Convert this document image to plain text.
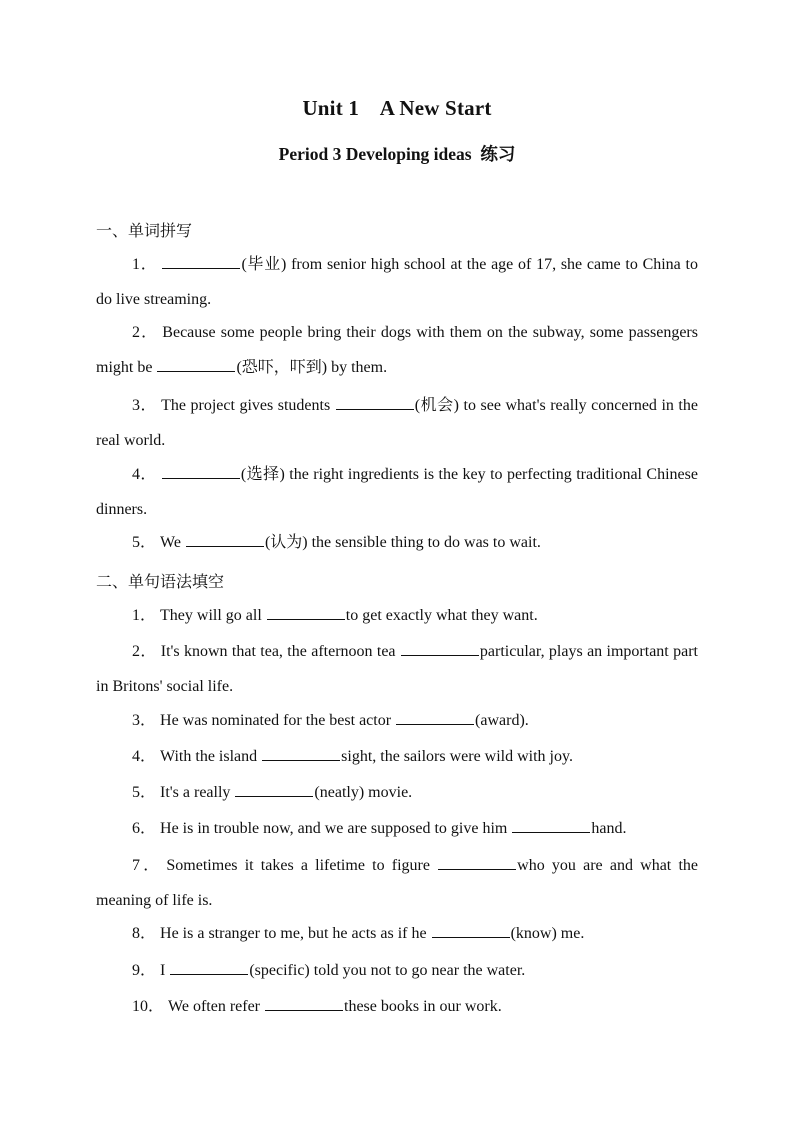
Unit 1    A New Start
Period 3 Developing ideas  练习
一、单词拼写

1．	(毕业) from senior high school at the age of 17, she came to China to do live streaming.

2． Because some people bring their dogs with them on the subway, some passengers might be	(恐吓，吓到) by them.

3． The project gives students	(机会) to see what's really concerned in the real world.

4．	(选择) the right ingredients is the key to perfecting traditional Chinese dinners.

5． We	(认为) the sensible thing to do was to wait.

二、单句语法填空

1． They will go all	to get exactly what they want.

2． It's known that tea, the afternoon tea	particular, plays an important part in Britons' social life.

3． He was nominated for the best actor	(award).

4． With the island	sight, the sailors were wild with joy.

5． It's a really	(neatly) movie.

6． He is in trouble now, and we are supposed to give him	hand.

7． Sometimes it takes a lifetime to figure	who you are and what the meaning of life is.

8． He is a stranger to me, but he acts as if he	(know) me.

9． I	(specific) told you not to go near the water.

10． We often refer	these books in our work.
